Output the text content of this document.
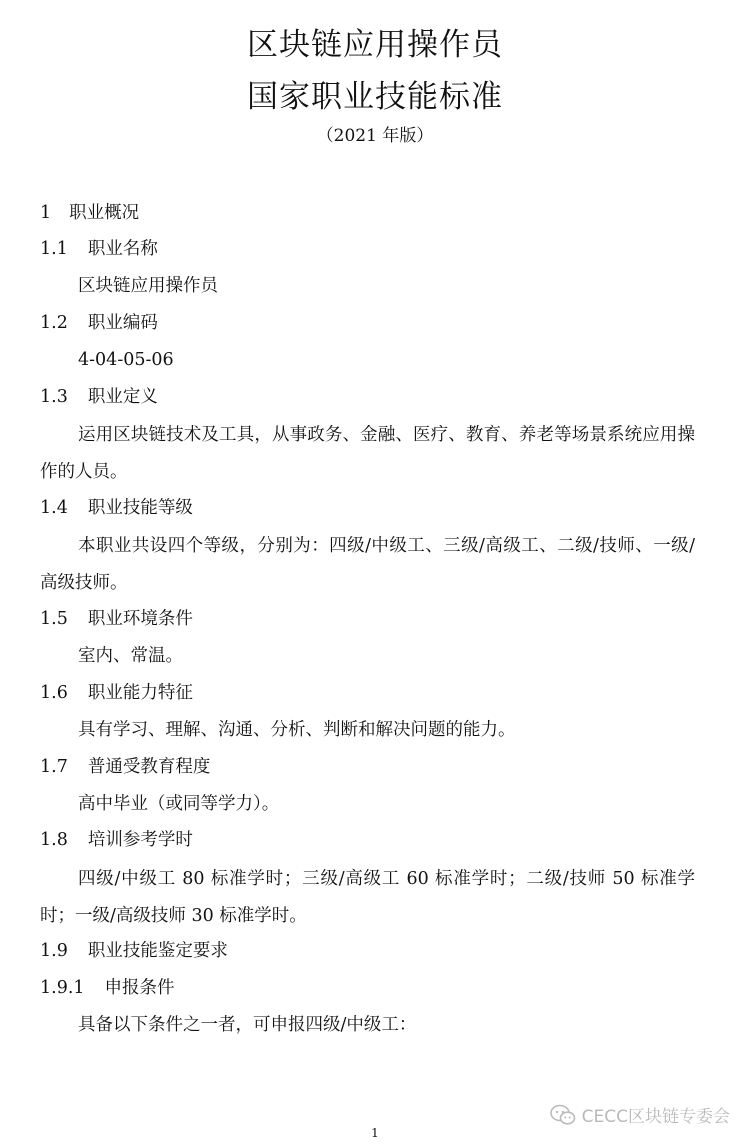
区块链应用操作员
国家职业技能标准
（2021 年版）
1 职业概况
1.1 职业名称
区块链应用操作员
1.2 职业编码
4-04-05-06
1.3 职业定义
运用区块链技术及工具，从事政务、金融、医疗、教育、养老等场景系统应用操作的人员。
1.4 职业技能等级
本职业共设四个等级，分别为：四级/中级工、三级/高级工、二级/技师、一级/高级技师。
1.5 职业环境条件
室内、常温。
1.6 职业能力特征
具有学习、理解、沟通、分析、判断和解决问题的能力。
1.7 普通受教育程度
高中毕业（或同等学力）。
1.8 培训参考学时
四级/中级工 80 标准学时；三级/高级工 60 标准学时；二级/技师 50 标准学时；一级/高级技师 30 标准学时。
1.9 职业技能鉴定要求
1.9.1 申报条件
具备以下条件之一者，可申报四级/中级工：
1
CECC区块链专委会
